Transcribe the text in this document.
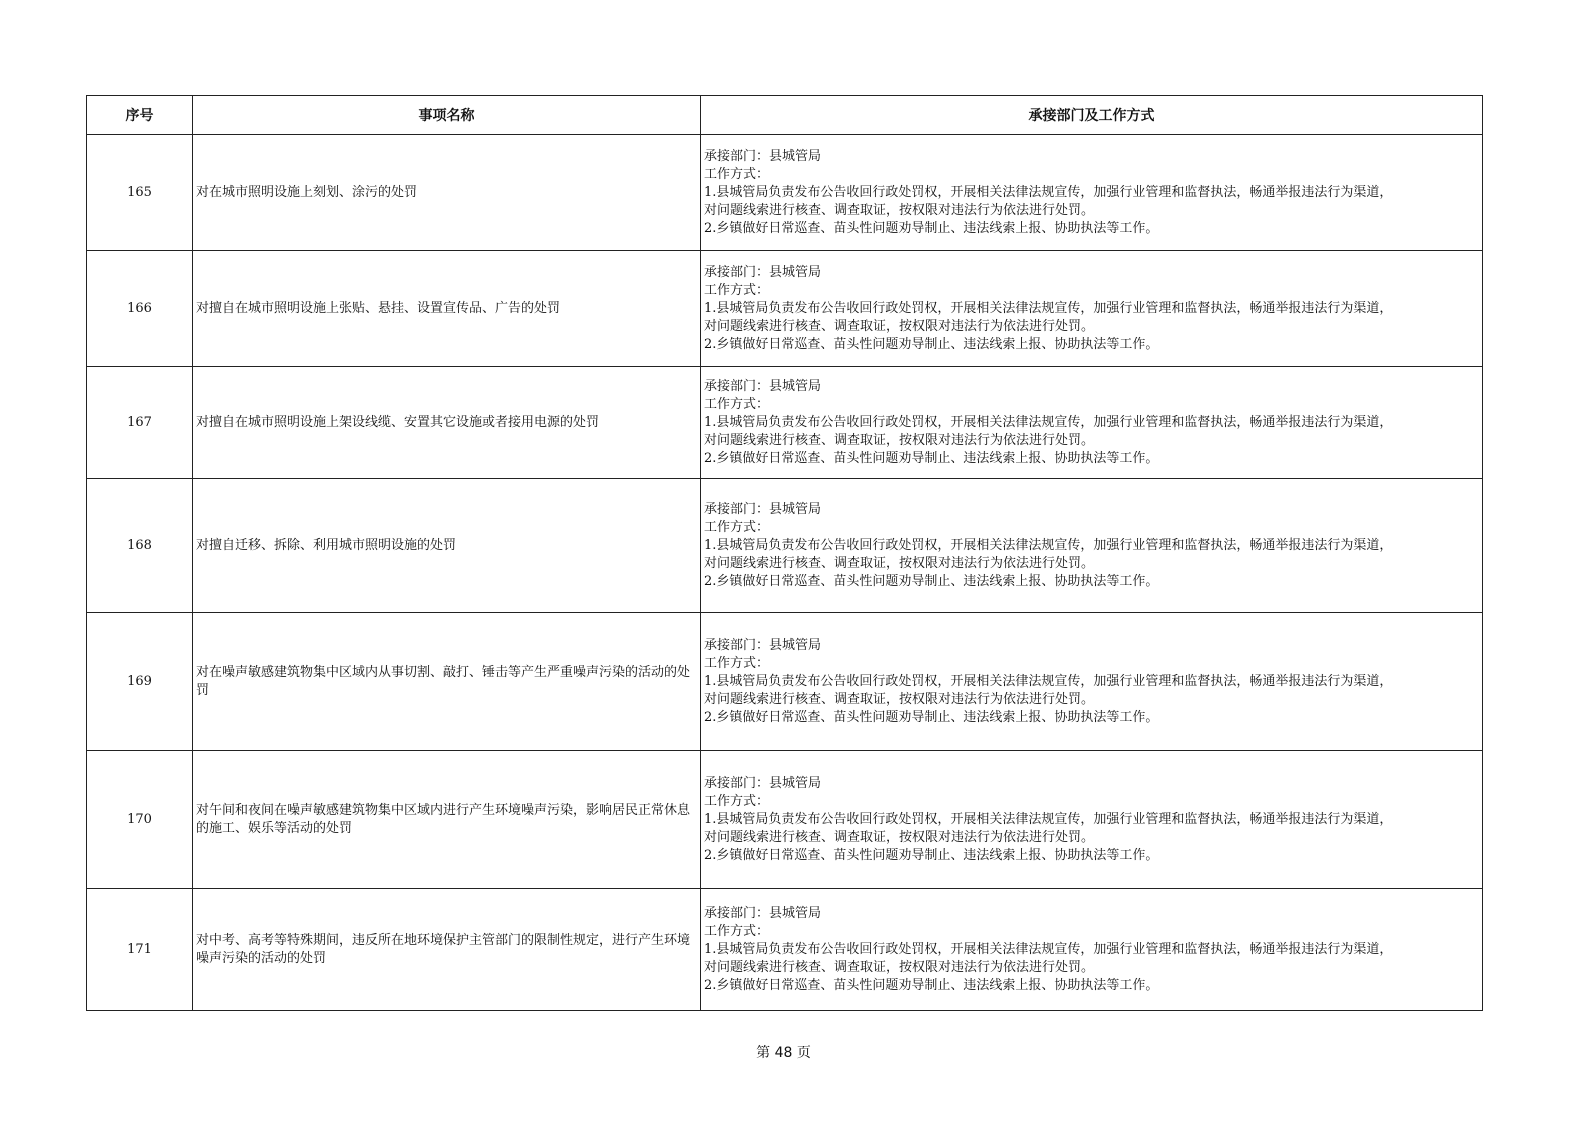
序号	事项名称	承接部门及工作方式
165	对在城市照明设施上刻划、涂污的处罚	承接部门：县城管局
工作方式：
1.县城管局负责发布公告收回行政处罚权，开展相关法律法规宣传，加强行业管理和监督执法，畅通举报违法行为渠道，
对问题线索进行核查、调查取证，按权限对违法行为依法进行处罚。
2.乡镇做好日常巡查、苗头性问题劝导制止、违法线索上报、协助执法等工作。

166	对擅自在城市照明设施上张贴、悬挂、设置宣传品、广告的处罚	承接部门：县城管局
工作方式：
1.县城管局负责发布公告收回行政处罚权，开展相关法律法规宣传，加强行业管理和监督执法，畅通举报违法行为渠道，
对问题线索进行核查、调查取证，按权限对违法行为依法进行处罚。
2.乡镇做好日常巡查、苗头性问题劝导制止、违法线索上报、协助执法等工作。

167	对擅自在城市照明设施上架设线缆、安置其它设施或者接用电源的处罚	承接部门：县城管局
工作方式：
1.县城管局负责发布公告收回行政处罚权，开展相关法律法规宣传，加强行业管理和监督执法，畅通举报违法行为渠道，
对问题线索进行核查、调查取证，按权限对违法行为依法进行处罚。
2.乡镇做好日常巡查、苗头性问题劝导制止、违法线索上报、协助执法等工作。

168	对擅自迁移、拆除、利用城市照明设施的处罚	承接部门：县城管局
工作方式：
1.县城管局负责发布公告收回行政处罚权，开展相关法律法规宣传，加强行业管理和监督执法，畅通举报违法行为渠道，
对问题线索进行核查、调查取证，按权限对违法行为依法进行处罚。
2.乡镇做好日常巡查、苗头性问题劝导制止、违法线索上报、协助执法等工作。

169	对在噪声敏感建筑物集中区域内从事切割、敲打、锤击等产生严重噪声污染的活动的处罚	承接部门：县城管局
工作方式：
1.县城管局负责发布公告收回行政处罚权，开展相关法律法规宣传，加强行业管理和监督执法，畅通举报违法行为渠道，
对问题线索进行核查、调查取证，按权限对违法行为依法进行处罚。
2.乡镇做好日常巡查、苗头性问题劝导制止、违法线索上报、协助执法等工作。

170	对午间和夜间在噪声敏感建筑物集中区域内进行产生环境噪声污染，影响居民正常休息的施工、娱乐等活动的处罚	承接部门：县城管局
工作方式：
1.县城管局负责发布公告收回行政处罚权，开展相关法律法规宣传，加强行业管理和监督执法，畅通举报违法行为渠道，
对问题线索进行核查、调查取证，按权限对违法行为依法进行处罚。
2.乡镇做好日常巡查、苗头性问题劝导制止、违法线索上报、协助执法等工作。

171	对中考、高考等特殊期间，违反所在地环境保护主管部门的限制性规定，进行产生环境噪声污染的活动的处罚	承接部门：县城管局
工作方式：
1.县城管局负责发布公告收回行政处罚权，开展相关法律法规宣传，加强行业管理和监督执法，畅通举报违法行为渠道，
对问题线索进行核查、调查取证，按权限对违法行为依法进行处罚。
2.乡镇做好日常巡查、苗头性问题劝导制止、违法线索上报、协助执法等工作。
第 48 页
